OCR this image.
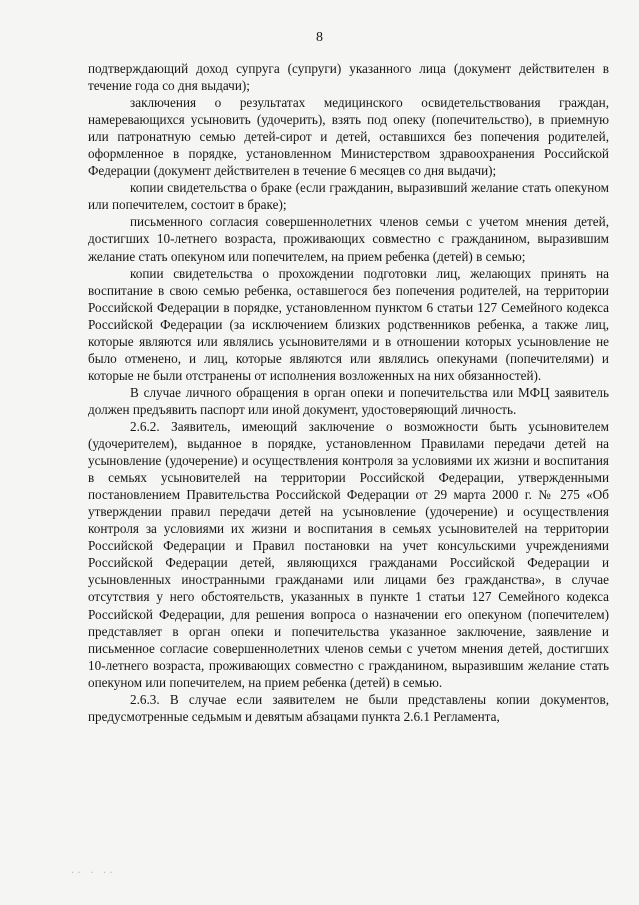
8

подтверждающий доход супруга (супруги) указанного лица (документ действителен в течение года со дня выдачи);

заключения о результатах медицинского освидетельствования граждан, намеревающихся усыновить (удочерить), взять под опеку (попечительство), в приемную или патронатную семью детей-сирот и детей, оставшихся без попечения родителей, оформленное в порядке, установленном Министерством здравоохранения Российской Федерации (документ действителен в течение 6 месяцев со дня выдачи);

копии свидетельства о браке (если гражданин, выразивший желание стать опекуном или попечителем, состоит в браке);

письменного согласия совершеннолетних членов семьи с учетом мнения детей, достигших 10-летнего возраста, проживающих совместно с гражданином, выразившим желание стать опекуном или попечителем, на прием ребенка (детей) в семью;

копии свидетельства о прохождении подготовки лиц, желающих принять на воспитание в свою семью ребенка, оставшегося без попечения родителей, на территории Российской Федерации в порядке, установленном пунктом 6 статьи 127 Семейного кодекса Российской Федерации (за исключением близких родственников ребенка, а также лиц, которые являются или являлись усыновителями и в отношении которых усыновление не было отменено, и лиц, которые являются или являлись опекунами (попечителями) и которые не были отстранены от исполнения возложенных на них обязанностей).

В случае личного обращения в орган опеки и попечительства или МФЦ заявитель должен предъявить паспорт или иной документ, удостоверяющий личность.

2.6.2. Заявитель, имеющий заключение о возможности быть усыновителем (удочерителем), выданное в порядке, установленном Правилами передачи детей на усыновление (удочерение) и осуществления контроля за условиями их жизни и воспитания в семьях усыновителей на территории Российской Федерации, утвержденными постановлением Правительства Российской Федерации от 29 марта 2000 г. № 275 «Об утверждении правил передачи детей на усыновление (удочерение) и осуществления контроля за условиями их жизни и воспитания в семьях усыновителей на территории Российской Федерации и Правил постановки на учет консульскими учреждениями Российской Федерации детей, являющихся гражданами Российской Федерации и усыновленных иностранными гражданами или лицами без гражданства», в случае отсутствия у него обстоятельств, указанных в пункте 1 статьи 127 Семейного кодекса Российской Федерации, для решения вопроса о назначении его опекуном (попечителем) представляет в орган опеки и попечительства указанное заключение, заявление и письменное согласие совершеннолетних членов семьи с учетом мнения детей, достигших 10-летнего возраста, проживающих совместно с гражданином, выразившим желание стать опекуном или попечителем, на прием ребенка (детей) в семью.

2.6.3. В случае если заявителем не были представлены копии документов, предусмотренные седьмым и девятым абзацами пункта 2.6.1 Регламента,

∙∙ ∙ ∙∙
